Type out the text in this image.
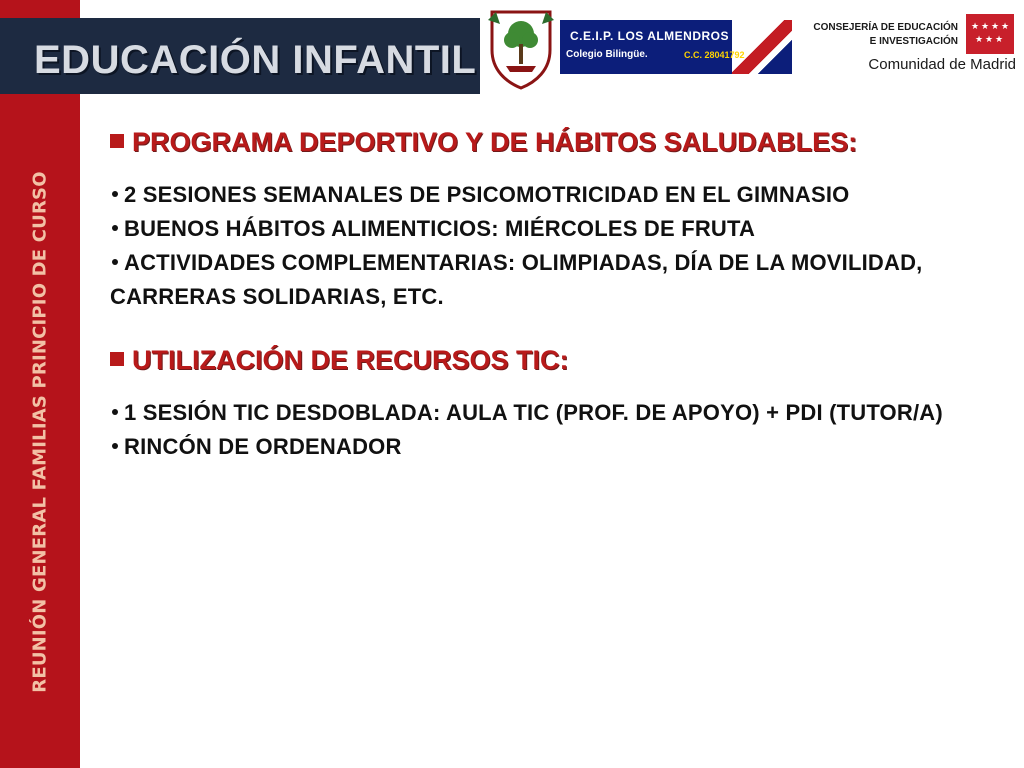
REUNIÓN GENERAL FAMILIAS PRINCIPIO DE CURSO
EDUCACIÓN INFANTIL
C.E.I.P. LOS ALMENDROS
Colegio Bilingüe.	C.C. 28041792
CONSEJERÍA DE EDUCACIÓN
E INVESTIGACIÓN
Comunidad de Madrid
★ ★ ★ ★
★ ★ ★
PROGRAMA DEPORTIVO Y DE HÁBITOS SALUDABLES:
2 SESIONES SEMANALES DE PSICOMOTRICIDAD EN EL GIMNASIO
BUENOS HÁBITOS ALIMENTICIOS: MIÉRCOLES DE FRUTA
ACTIVIDADES COMPLEMENTARIAS: OLIMPIADAS, DÍA DE LA MOVILIDAD, CARRERAS SOLIDARIAS, ETC.
UTILIZACIÓN DE RECURSOS TIC:
1 SESIÓN TIC DESDOBLADA: AULA TIC (PROF. DE APOYO) + PDI (TUTOR/A)
RINCÓN DE ORDENADOR
